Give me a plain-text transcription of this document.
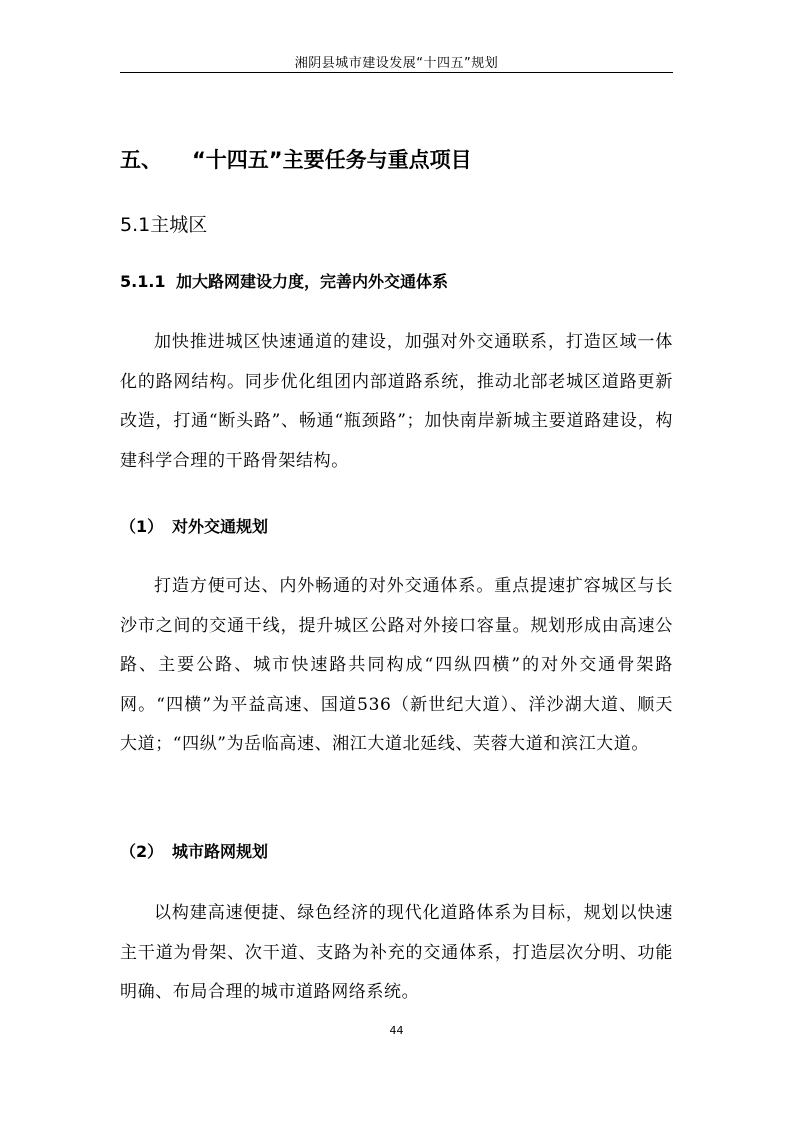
湘阴县城市建设发展“十四五”规划
五、 “十四五”主要任务与重点项目
5.1主城区
5.1.1 加大路网建设力度，完善内外交通体系

加快推进城区快速通道的建设，加强对外交通联系，打造区域一体化的路网结构。同步优化组团内部道路系统，推动北部老城区道路更新改造，打通“断头路”、畅通“瓶颈路”；加快南岸新城主要道路建设，构建科学合理的干路骨架结构。

（1） 对外交通规划

打造方便可达、内外畅通的对外交通体系。重点提速扩容城区与长沙市之间的交通干线，提升城区公路对外接口容量。规划形成由高速公路、主要公路、城市快速路共同构成“四纵四横”的对外交通骨架路网。“四横”为平益高速、国道536（新世纪大道）、洋沙湖大道、顺天大道；“四纵”为岳临高速、湘江大道北延线、芙蓉大道和滨江大道。

（2） 城市路网规划

以构建高速便捷、绿色经济的现代化道路体系为目标，规划以快速主干道为骨架、次干道、支路为补充的交通体系，打造层次分明、功能明确、布局合理的城市道路网络系统。

44
